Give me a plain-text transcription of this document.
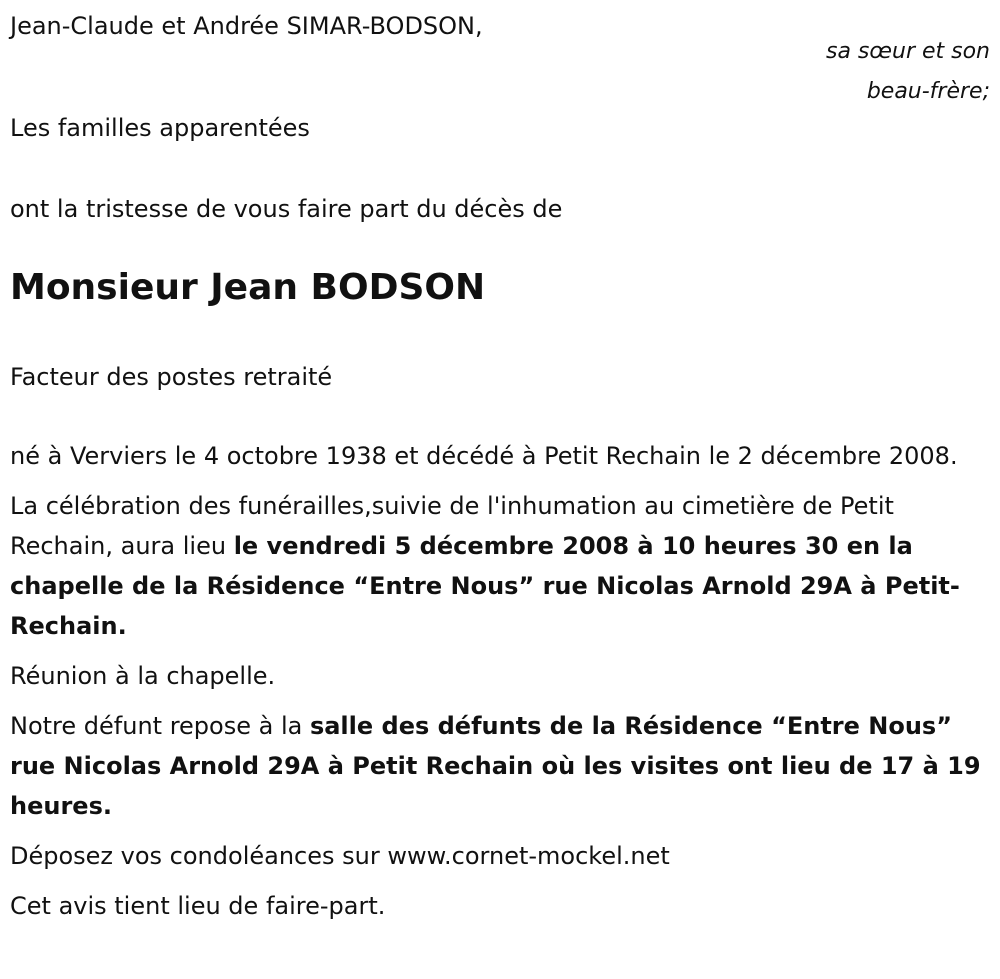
Jean-Claude et Andrée SIMAR-BODSON,
sa sœur et son
beau-frère;
Les familles apparentées
ont la tristesse de vous faire part du décès de
Monsieur Jean BODSON
Facteur des postes retraité

né à Verviers le 4 octobre 1938 et décédé à Petit Rechain le 2 décembre 2008.

La célébration des funérailles,suivie de l'inhumation au cimetière de Petit Rechain, aura lieu le vendredi 5 décembre 2008 à 10 heures 30 en la chapelle de la Résidence “Entre Nous” rue Nicolas Arnold 29A à Petit-Rechain.

Réunion à la chapelle.

Notre défunt repose à la salle des défunts de la Résidence “Entre Nous” rue Nicolas Arnold 29A à Petit Rechain où les visites ont lieu de 17 à 19 heures.

Déposez vos condoléances sur www.cornet-mockel.net

Cet avis tient lieu de faire-part.
